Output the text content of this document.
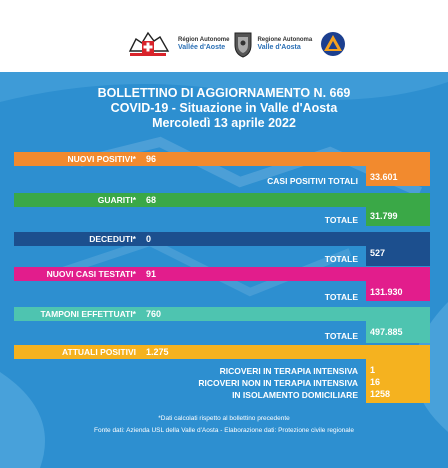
Région Autonome
Vallée d'Aoste
Regione Autonoma
Valle d'Aosta
BOLLETTINO DI AGGIORNAMENTO N. 669
COVID-19 - Situazione in Valle d'Aosta
Mercoledì 13 aprile 2022
NUOVI POSITIVI* 96
CASI POSITIVI TOTALI 33.601
GUARITI* 68
TOTALE 31.799
DECEDUTI* 0
TOTALE
527
NUOVI CASI TESTATI* 91
TOTALE 131.930
TAMPONI EFFETTUATI* 760
TOTALE 497.885
ATTUALI POSITIVI 1.275
RICOVERI IN TERAPIA INTENSIVA 1
RICOVERI NON IN TERAPIA INTENSIVA 16
IN ISOLAMENTO DOMICILIARE 1258
*Dati calcolati rispetto al bollettino precedente
Fonte dati: Azienda USL della Valle d'Aosta - Elaborazione dati: Protezione civile regionale
